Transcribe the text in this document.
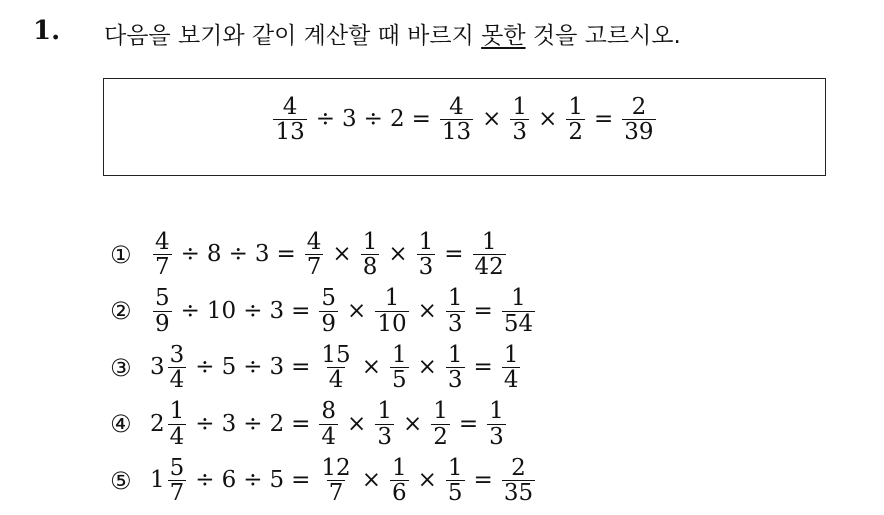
1. 다음을 보기와 같이 계산할 때 바르지 못한 것을 고르시오.
$\frac{4}{13} \div 3 \div 2 = \frac{4}{13} \times \frac{1}{3} \times \frac{1}{2} = \frac{2}{39}$
① $\frac{4}{7} \div 8 \div 3 = \frac{4}{7} \times \frac{1}{8} \times \frac{1}{3} = \frac{1}{42}$
② $\frac{5}{9} \div 10 \div 3 = \frac{5}{9} \times \frac{1}{10} \times \frac{1}{3} = \frac{1}{54}$
③ $3 \frac{3}{4} \div 5 \div 3 = \frac{15}{4} \times \frac{1}{5} \times \frac{1}{3} = \frac{1}{4}$
④ $2 \frac{1}{4} \div 3 \div 2 = \frac{8}{4} \times \frac{1}{3} \times \frac{1}{2} = \frac{1}{3}$
⑤ $1 \frac{5}{7} \div 6 \div 5 = \frac{12}{7} \times \frac{1}{6} \times \frac{1}{5} = \frac{2}{35}$
